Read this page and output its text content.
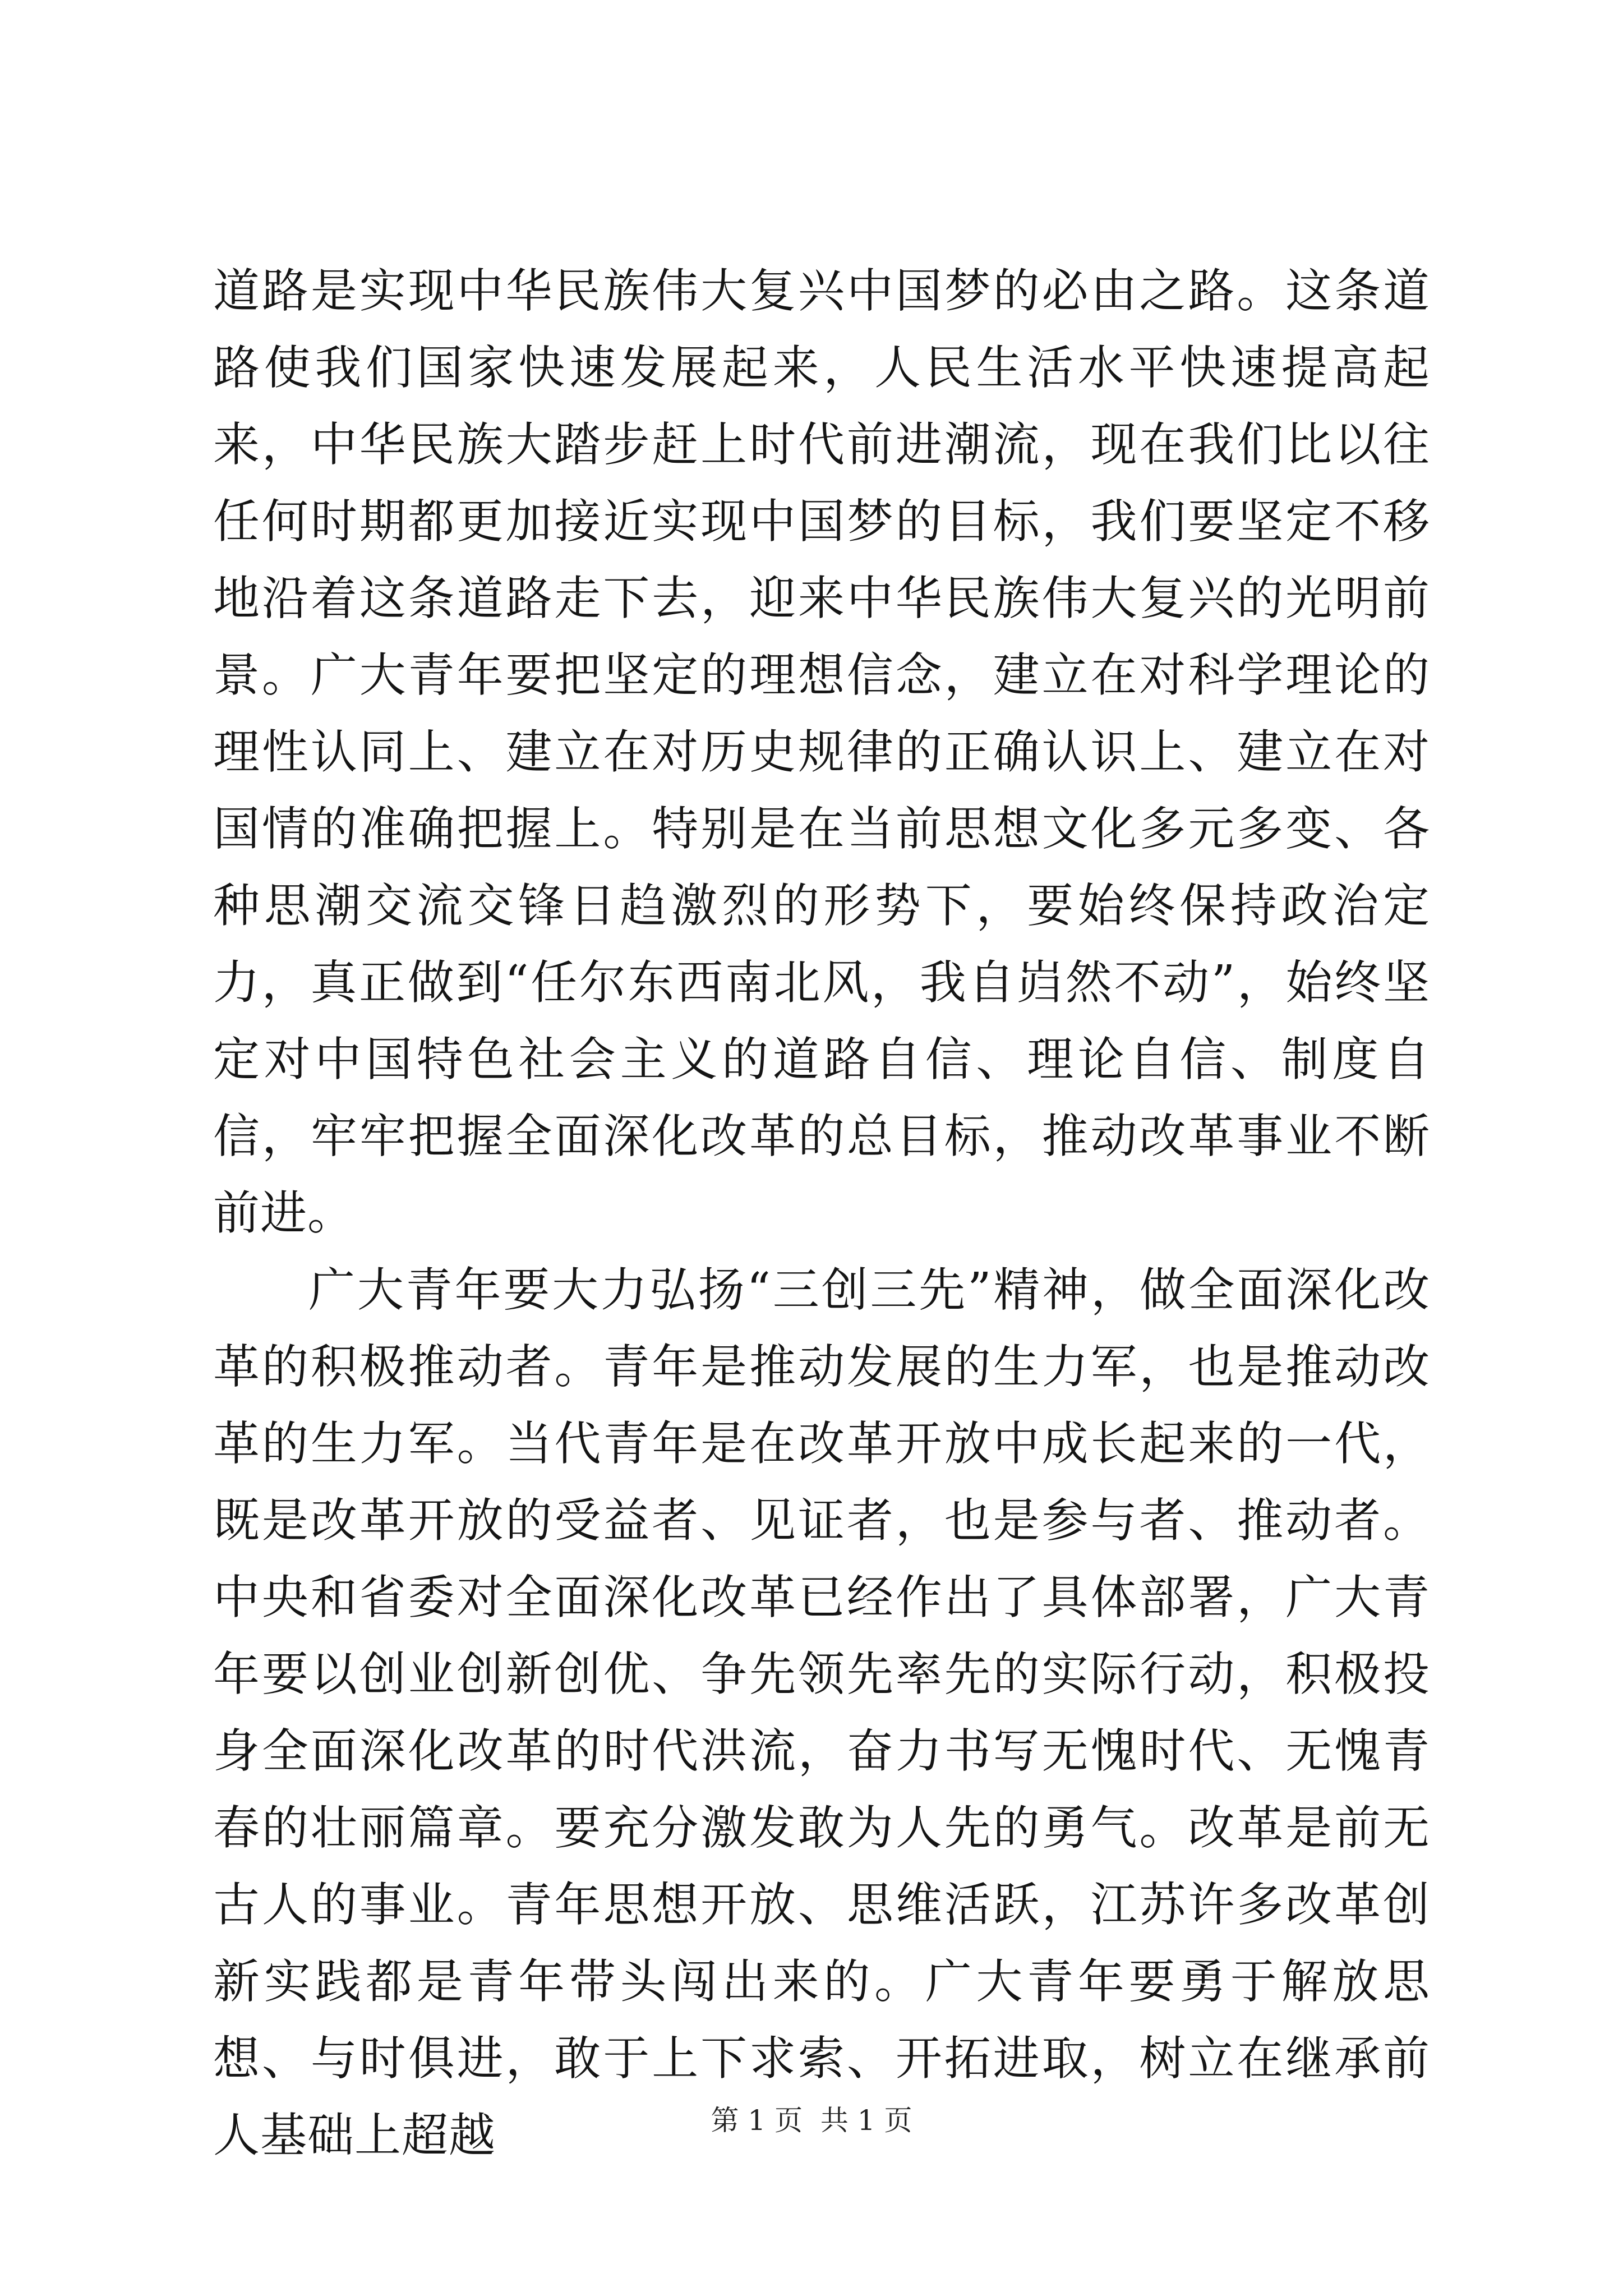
道路是实现中华民族伟大复兴中国梦的必由之路。这条道路使我们国家快速发展起来，人民生活水平快速提高起来，中华民族大踏步赶上时代前进潮流，现在我们比以往任何时期都更加接近实现中国梦的目标，我们要坚定不移地沿着这条道路走下去，迎来中华民族伟大复兴的光明前景。广大青年要把坚定的理想信念，建立在对科学理论的理性认同上、建立在对历史规律的正确认识上、建立在对国情的准确把握上。特别是在当前思想文化多元多变、各种思潮交流交锋日趋激烈的形势下，要始终保持政治定力，真正做到“任尔东西南北风，我自岿然不动”，始终坚定对中国特色社会主义的道路自信、理论自信、制度自信，牢牢把握全面深化改革的总目标，推动改革事业不断前进。

广大青年要大力弘扬“三创三先”精神，做全面深化改革的积极推动者。青年是推动发展的生力军，也是推动改革的生力军。当代青年是在改革开放中成长起来的一代，既是改革开放的受益者、见证者，也是参与者、推动者。中央和省委对全面深化改革已经作出了具体部署，广大青年要以创业创新创优、争先领先率先的实际行动，积极投身全面深化改革的时代洪流，奋力书写无愧时代、无愧青春的壮丽篇章。要充分激发敢为人先的勇气。改革是前无古人的事业。青年思想开放、思维活跃，江苏许多改革创新实践都是青年带头闯出来的。广大青年要勇于解放思想、与时俱进，敢于上下求索、开拓进取，树立在继承前人基础上超越	第 1 页  共 1 页
